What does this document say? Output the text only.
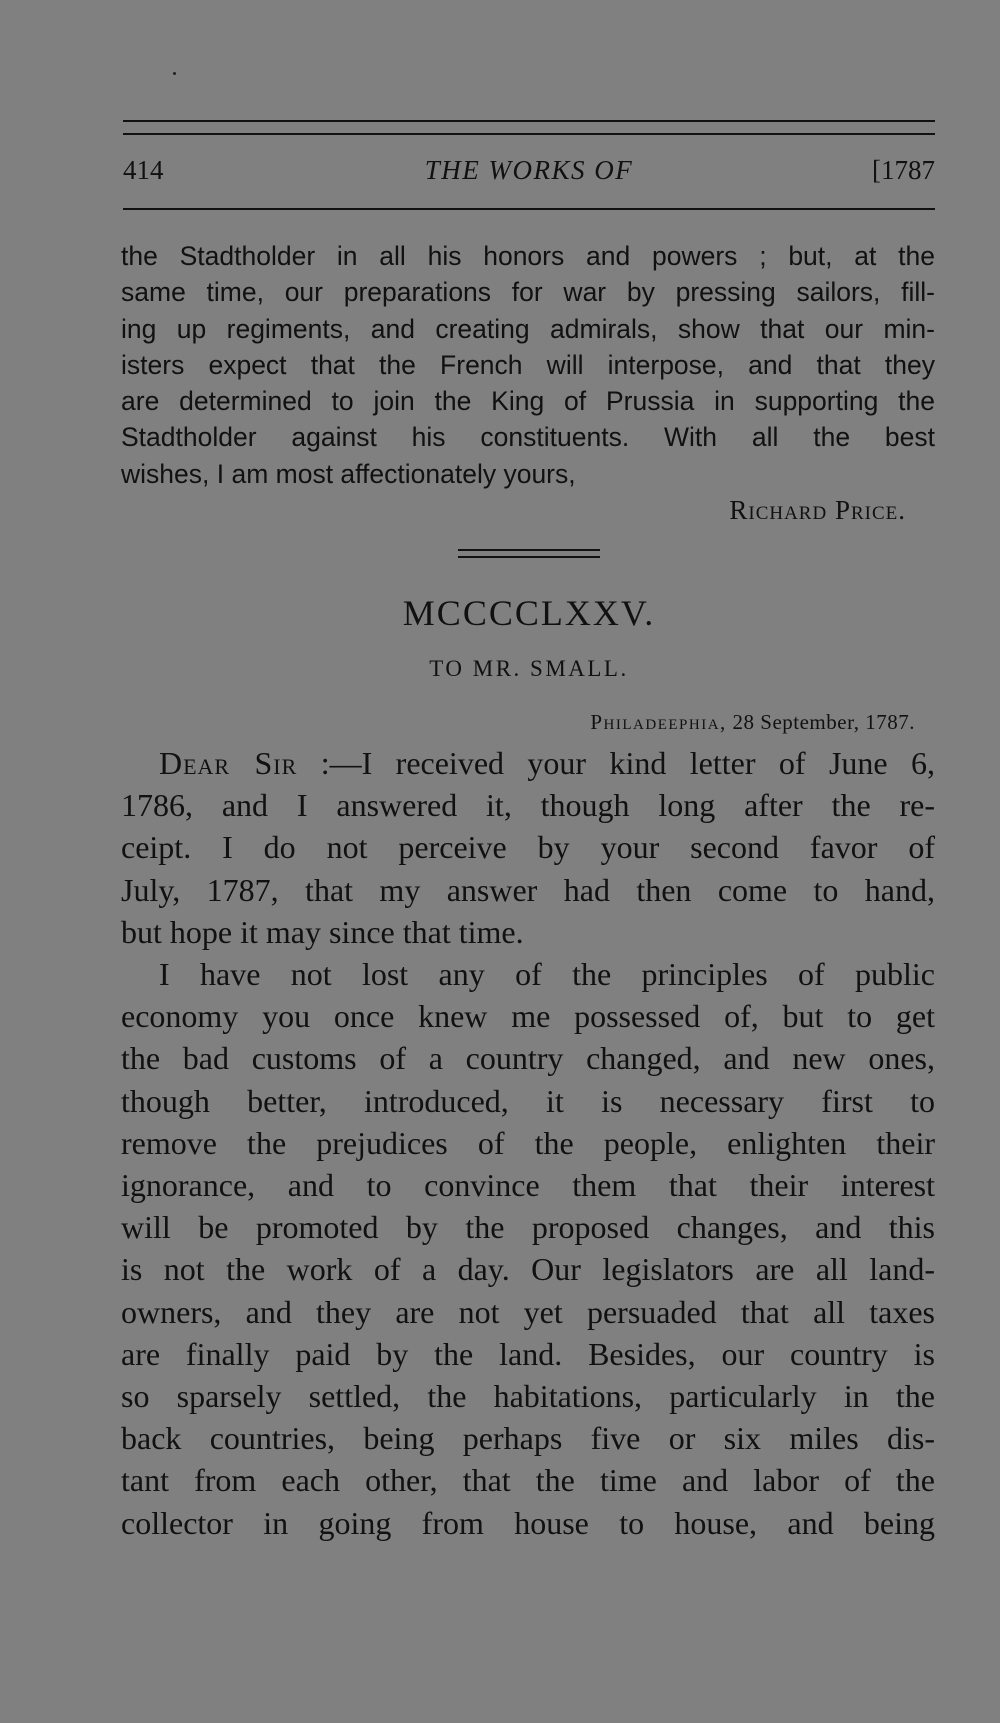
414	THE WORKS OF	[1787
the Stadtholder in all his honors and powers ; but, at the
same time, our preparations for war by pressing sailors, fill-
ing up regiments, and creating admirals, show that our min-
isters expect that the French will interpose, and that they
are determined to join the King of Prussia in supporting the
Stadtholder against his constituents. With all the best
wishes, I am most affectionately yours,
Richard Price.
MCCCCLXXV.
TO MR. SMALL.
Philadeephia, 28 September, 1787.
Dear Sir :—I received your kind letter of June 6,
1786, and I answered it, though long after the re-
ceipt. I do not perceive by your second favor of
July, 1787, that my answer had then come to hand,
but hope it may since that time.
I have not lost any of the principles of public
economy you once knew me possessed of, but to get
the bad customs of a country changed, and new ones,
though better, introduced, it is necessary first to
remove the prejudices of the people, enlighten their
ignorance, and to convince them that their interest
will be promoted by the proposed changes, and this
is not the work of a day. Our legislators are all land-
owners, and they are not yet persuaded that all taxes
are finally paid by the land. Besides, our country is
so sparsely settled, the habitations, particularly in the
back countries, being perhaps five or six miles dis-
tant from each other, that the time and labor of the
collector in going from house to house, and being
